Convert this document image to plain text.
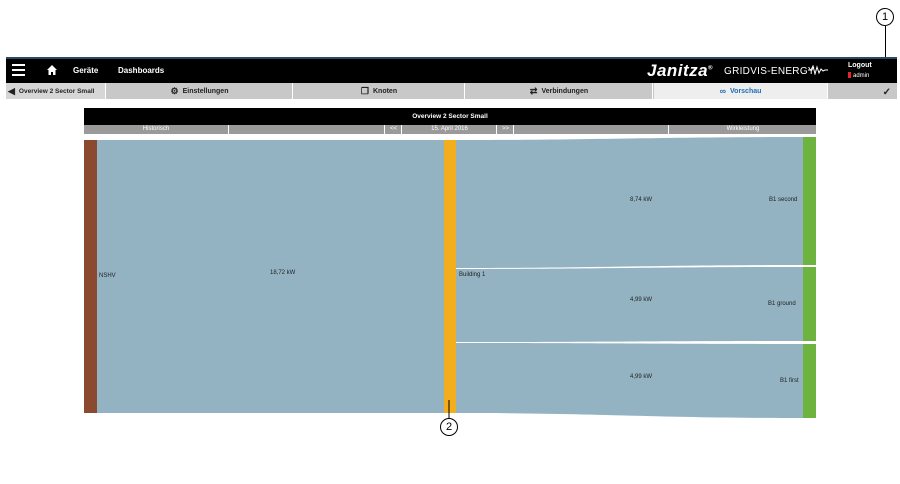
1
Geräte Dashboards	Janitza® GRIDVIS-ENERGY
Logout
admin
◀ Overview 2 Sector Small	⚙ Einstellungen	❐ Knoten	⇄ Verbindungen	∞ Vorschau	✓
Overview 2 Sector Small
Historisch	<<	15. April 2016	>>	Wirkleistung
NSHV	18,72 kW	Building 1
8,74 kW
4,99 kW
4,99 kW
B1 second
B1 ground
B1 first
2
